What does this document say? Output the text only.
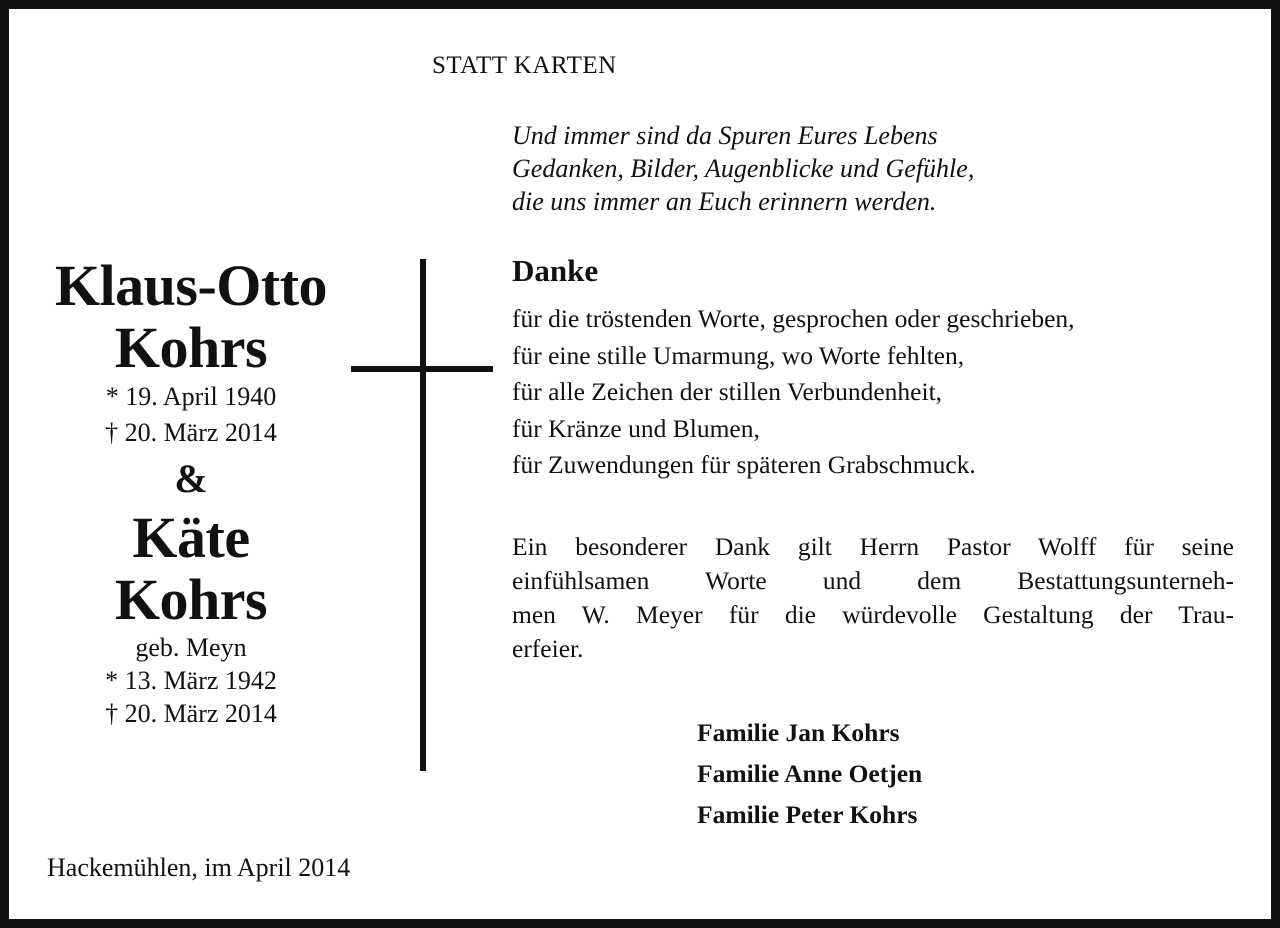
STATT KARTEN
Und immer sind da Spuren Eures Lebens
Gedanken, Bilder, Augenblicke und Gefühle,
die uns immer an Euch erinnern werden.
Danke
für die tröstenden Worte, gesprochen oder geschrieben,
für eine stille Umarmung, wo Worte fehlten,
für alle Zeichen der stillen Verbundenheit,
für Kränze und Blumen,
für Zuwendungen für späteren Grabschmuck.
Ein besonderer Dank gilt Herrn Pastor Wolff für seine
einfühlsamen Worte und dem Bestattungsunterneh-
men W. Meyer für die würdevolle Gestaltung der Trau-
erfeier.
Familie Jan Kohrs
Familie Anne Oetjen
Familie Peter Kohrs
Klaus-Otto
Kohrs
* 19. April 1940
† 20. März 2014
&
Käte
Kohrs
geb. Meyn
* 13. März 1942
† 20. März 2014
Hackemühlen, im April 2014
